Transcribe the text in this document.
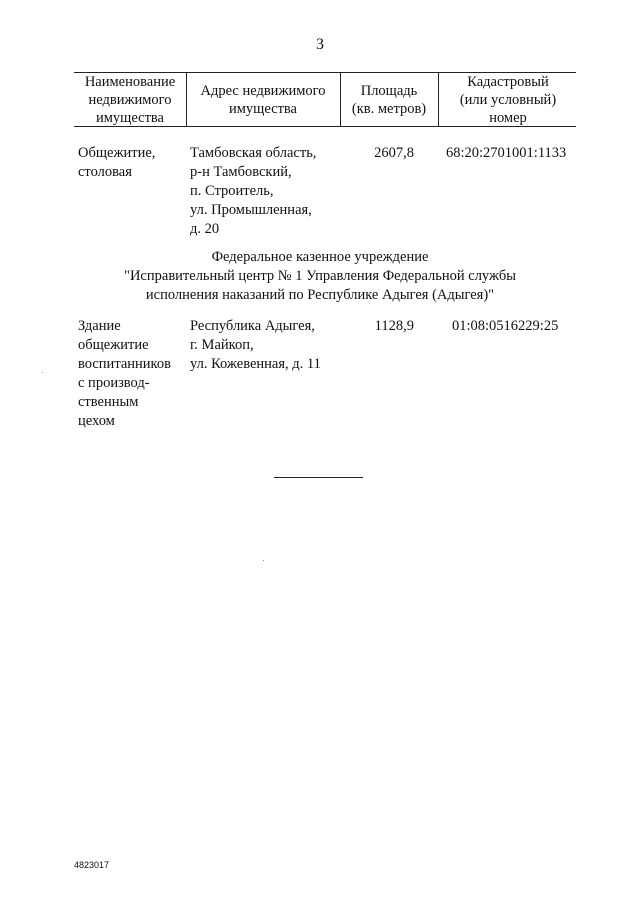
3
Наименование
недвижимого
имущества
Адрес недвижимого
имущества
Площадь
(кв. метров)
Кадастровый
(или условный)
номер
Общежитие,
столовая
Тамбовская область,
р-н Тамбовский,
п. Строитель,
ул. Промышленная,
д. 20
2607,8 68:20:2701001:1133
Федеральное казенное учреждение
"Исправительный центр № 1 Управления Федеральной службы
исполнения наказаний по Республике Адыгея (Адыгея)"
Здание
общежитие
воспитанников
с производ-
ственным
цехом
Республика Адыгея,
г. Майкоп,
ул. Кожевенная, д. 11
1128,9	01:08:0516229:25
4823017
